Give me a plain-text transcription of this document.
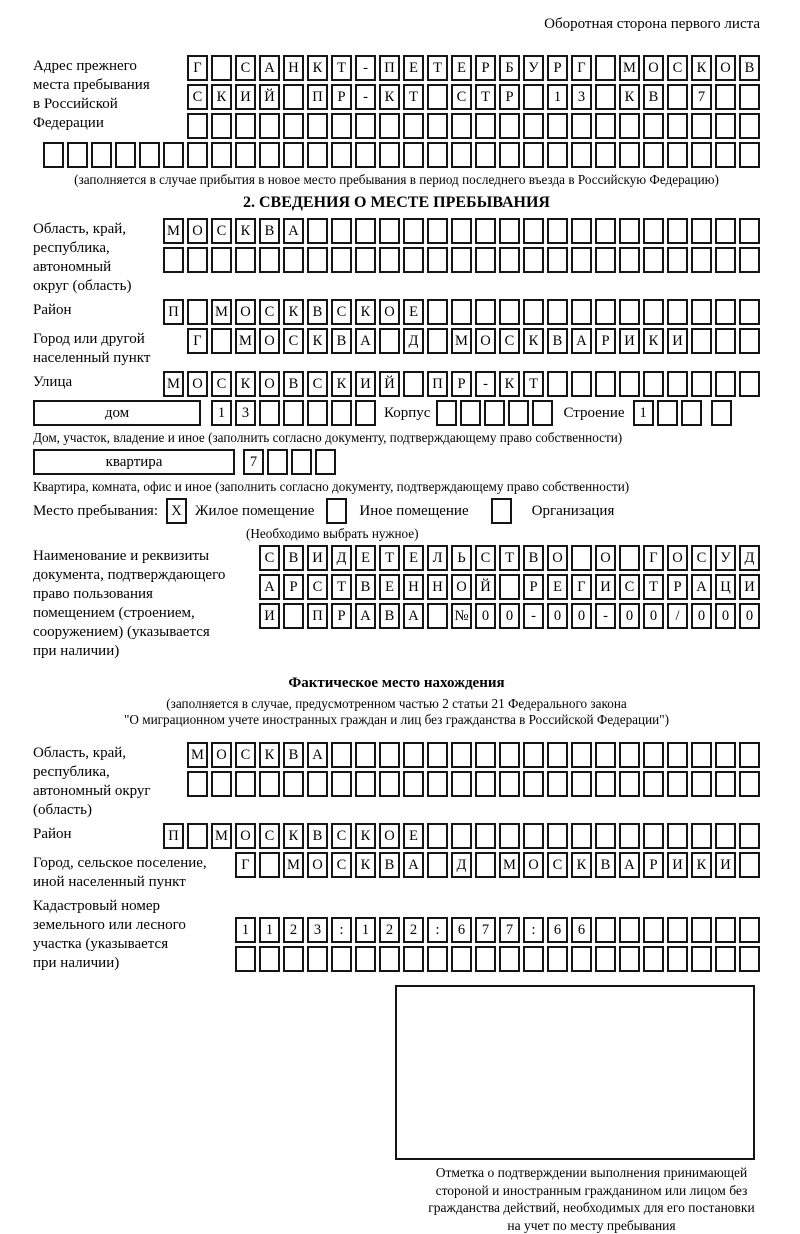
Оборотная сторона первого листа
Адрес прежнего
места пребывания
в Российской
Федерации
Г	С А Н К	Т	-	П Е	Т	Е	Р	Б	У	Р	Г	М О С К О В
С К И Й	П	Р	-	К	Т	С	Т	Р	1	3	К В	7
(заполняется в случае прибытия в новое место пребывания в период последнего въезда в Российскую Федерацию)
2. СВЕДЕНИЯ О МЕСТЕ ПРЕБЫВАНИЯ
Область, край,
республика,
автономный
округ (область)
М О С К В А
Район	П	М О С К В С К О Е
Город или другой
населенный пункт
Г	М О С К В А	Д	М О С К В А	Р	И К И
Улица	М О С К О В С К И Й	П	Р	-	К	Т
дом	1	3	Корпус	Строение	1
Дом, участок, владение и иное (заполнить согласно документу, подтверждающему право собственности)
квартира	7
Квартира, комната, офис и иное (заполнить согласно документу, подтверждающему право собственности)
Место пребывания: X Жилое помещение	Иное помещение	Организация
(Необходимо выбрать нужное)
Наименование и реквизиты
документа, подтверждающего
право пользования
помещением (строением,
сооружением) (указывается
при наличии)
С В И Д	Е	Т	Е	Л	Ь	С	Т	В О	О	Г	О С У Д
А	Р	С	Т	В	Е Н Н О Й	Р	Е	Г	И С	Т	Р	А Ц И
И	П	Р	А В А	№ 0	0	-	0	0	-	0	0	/	0	0	0
Фактическое место нахождения
(заполняется в случае, предусмотренном частью 2 статьи 21 Федерального закона
"О миграционном учете иностранных граждан и лиц без гражданства в Российской Федерации")
Область, край,
республика,
автономный округ
(область)
М О С К В А
Район	П	М О С К В С К О Е
Город, сельское поселение,
иной населенный пункт
Г	М О С К В А	Д	М О С К В А	Р	И К И
Кадастровый номер
земельного или лесного
участка (указывается
при наличии)
1	1	2	3	:	1	2	2	:	6	7	7	:	6	6
Отметка о подтверждении выполнения принимающей
стороной и иностранным гражданином или лицом без
гражданства действий, необходимых для его постановки
на учет по месту пребывания
